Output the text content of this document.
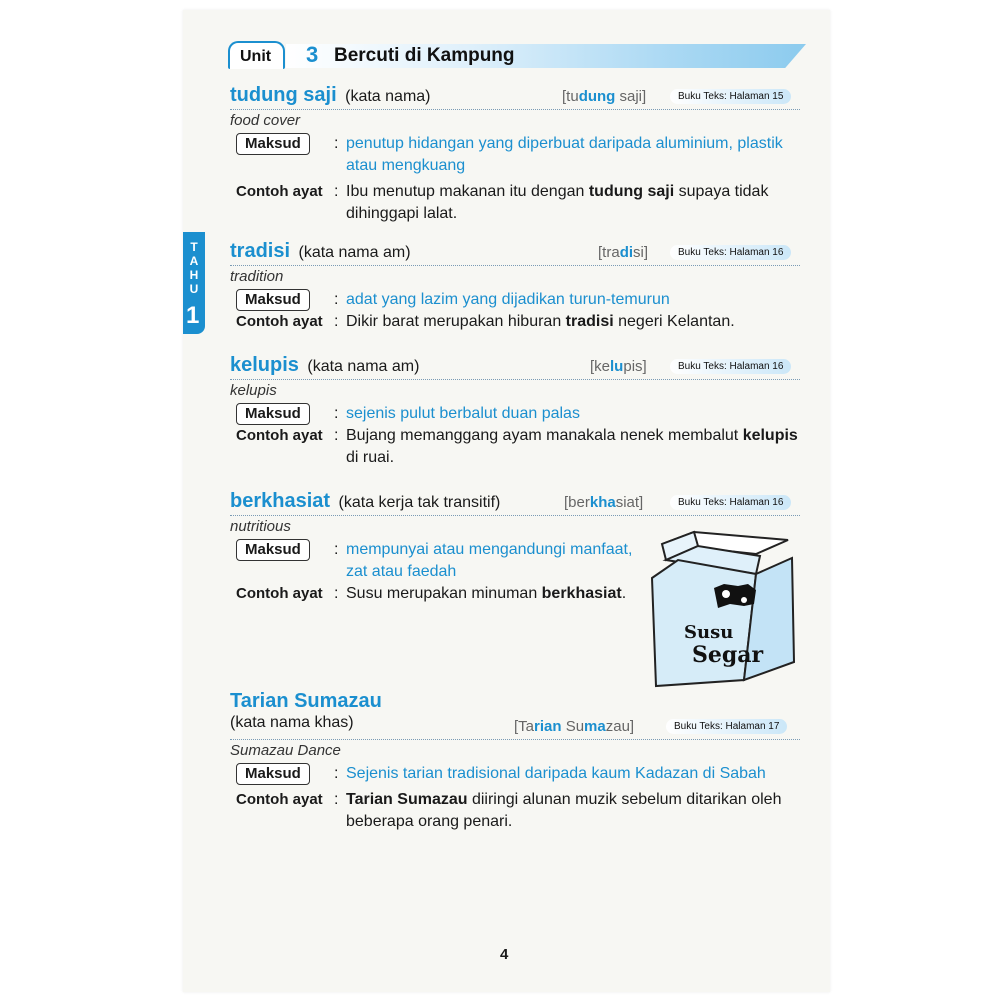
Unit	3 Bercuti di Kampung
T
A
H
U
1
tudung saji (kata nama)	[tudung saji]	Buku Teks: Halaman 15
food cover
Maksud	: penutup hidangan yang diperbuat daripada aluminium, plastik atau mengkuang
Contoh ayat : Ibu menutup makanan itu dengan tudung saji supaya tidak dihinggapi lalat.
tradisi (kata nama am)	[tradisi]	Buku Teks: Halaman 16
tradition
Maksud	: adat yang lazim yang dijadikan turun-temurun
Contoh ayat : Dikir barat merupakan hiburan tradisi negeri Kelantan.
kelupis (kata nama am)	[kelupis]	Buku Teks: Halaman 16
kelupis
Maksud	: sejenis pulut berbalut duan palas
Contoh ayat : Bujang memanggang ayam manakala nenek membalut kelupis di ruai.
berkhasiat (kata kerja tak transitif)	[berkhasiat]	Buku Teks: Halaman 16
nutritious
Maksud	: mempunyai atau mengandungi manfaat, zat atau faedah
Contoh ayat : Susu merupakan minuman berkhasiat.
Susu
Segar
Tarian Sumazau
(kata nama khas)	[Tarian Sumazau]	Buku Teks: Halaman 17
Sumazau Dance
Maksud	: Sejenis tarian tradisional daripada kaum Kadazan di Sabah
Contoh ayat : Tarian Sumazau diiringi alunan muzik sebelum ditarikan oleh beberapa orang penari.
4
